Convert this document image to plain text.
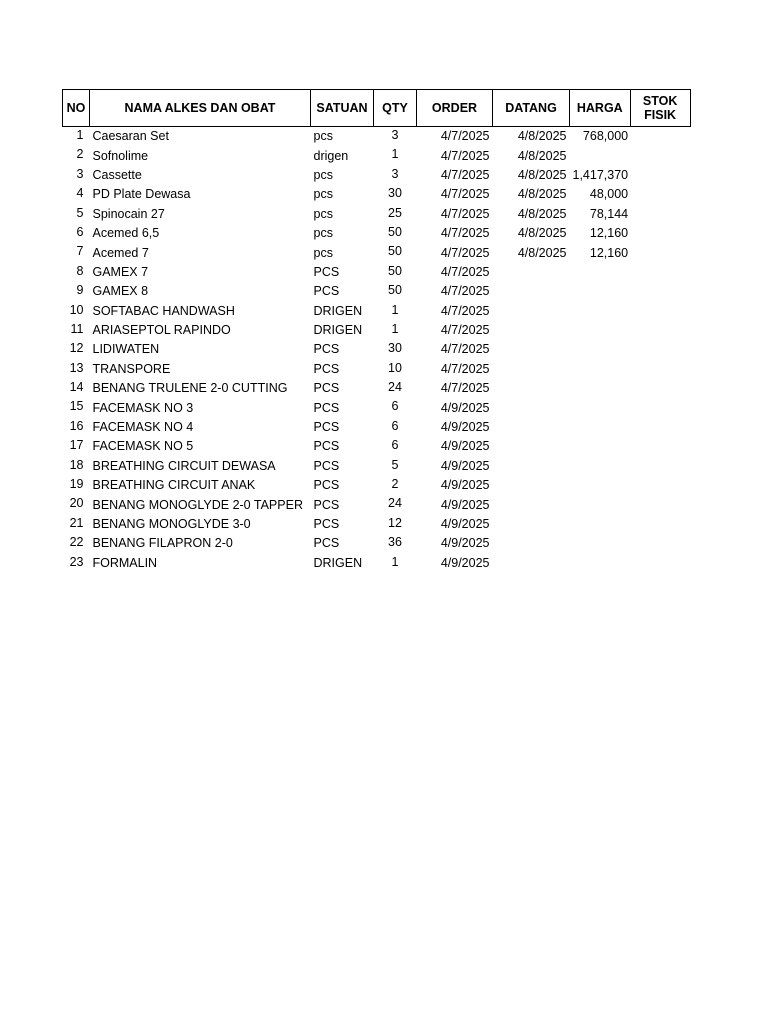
NO	NAMA ALKES DAN OBAT	SATUAN	QTY	ORDER	DATANG	HARGA	STOK
FISIK
1	Caesaran Set	pcs	3	4/7/2025	4/8/2025	768,000	
2	Sofnolime	drigen	1	4/7/2025	4/8/2025		
3	Cassette	pcs	3	4/7/2025	4/8/2025	1,417,370	
4	PD Plate Dewasa	pcs	30	4/7/2025	4/8/2025	48,000	
5	Spinocain 27	pcs	25	4/7/2025	4/8/2025	78,144	
6	Acemed 6,5	pcs	50	4/7/2025	4/8/2025	12,160	
7	Acemed 7	pcs	50	4/7/2025	4/8/2025	12,160	
8	GAMEX 7	PCS	50	4/7/2025			
9	GAMEX 8	PCS	50	4/7/2025			
10	SOFTABAC HANDWASH	DRIGEN	1	4/7/2025			
11	ARIASEPTOL RAPINDO	DRIGEN	1	4/7/2025			
12	LIDIWATEN	PCS	30	4/7/2025			
13	TRANSPORE	PCS	10	4/7/2025			
14	BENANG TRULENE 2-0 CUTTING	PCS	24	4/7/2025			
15	FACEMASK NO 3	PCS	6	4/9/2025			
16	FACEMASK NO 4	PCS	6	4/9/2025			
17	FACEMASK NO 5	PCS	6	4/9/2025			
18	BREATHING CIRCUIT DEWASA	PCS	5	4/9/2025			
19	BREATHING CIRCUIT ANAK	PCS	2	4/9/2025			
20	BENANG MONOGLYDE 2-0 TAPPER	PCS	24	4/9/2025			
21	BENANG MONOGLYDE 3-0	PCS	12	4/9/2025			
22	BENANG FILAPRON 2-0	PCS	36	4/9/2025			
23	FORMALIN	DRIGEN	1	4/9/2025			
